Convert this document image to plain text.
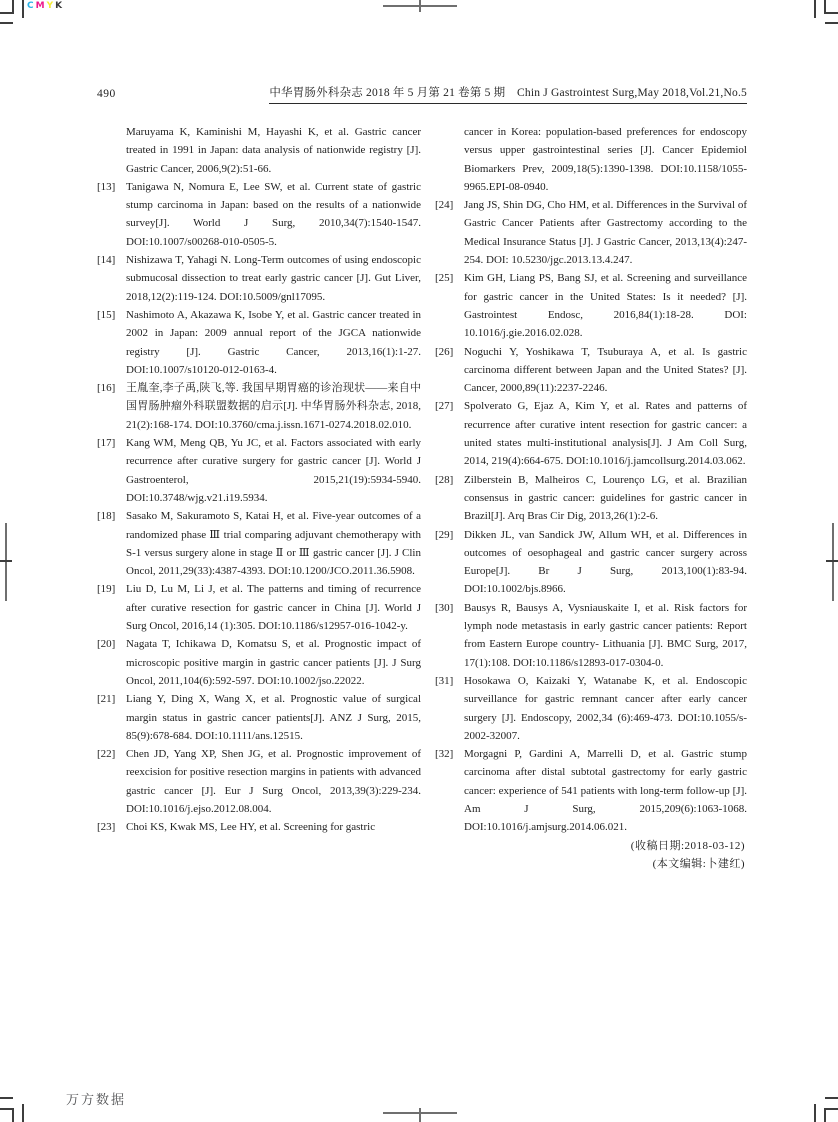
CMYK
490	中华胃肠外科杂志 2018 年 5 月第 21 卷第 5 期　Chin J Gastrointest Surg,May 2018,Vol.21,No.5
Maruyama K, Kaminishi M, Hayashi K, et al. Gastric cancer treated in 1991 in Japan: data analysis of nationwide registry [J]. Gastric Cancer, 2006,9(2):51-66.
[13] Tanigawa N, Nomura E, Lee SW, et al. Current state of gastric stump carcinoma in Japan: based on the results of a nationwide survey[J]. World J Surg, 2010,34(7):1540-1547. DOI:10.1007/s00268-010-0505-5.
[14] Nishizawa T, Yahagi N. Long-Term outcomes of using endoscopic submucosal dissection to treat early gastric cancer [J]. Gut Liver, 2018,12(2):119-124. DOI:10.5009/gnl17095.
[15] Nashimoto A, Akazawa K, Isobe Y, et al. Gastric cancer treated in 2002 in Japan: 2009 annual report of the JGCA nationwide registry [J]. Gastric Cancer, 2013,16(1):1-27. DOI:10.1007/s10120-012-0163-4.
[16] 王胤奎,李子禹,陕飞,等. 我国早期胃癌的诊治现状——来自中国胃肠肿瘤外科联盟数据的启示[J]. 中华胃肠外科杂志, 2018, 21(2):168-174. DOI:10.3760/cma.j.issn.1671-0274.2018.02.010.
[17] Kang WM, Meng QB, Yu JC, et al. Factors associated with early recurrence after curative surgery for gastric cancer [J]. World J Gastroenterol, 2015,21(19):5934-5940. DOI:10.3748/wjg.v21.i19.5934.
[18] Sasako M, Sakuramoto S, Katai H, et al. Five-year outcomes of a randomized phase Ⅲ trial comparing adjuvant chemotherapy with S-1 versus surgery alone in stage Ⅱ or Ⅲ gastric cancer [J]. J Clin Oncol, 2011,29(33):4387-4393. DOI:10.1200/JCO.2011.36.5908.
[19] Liu D, Lu M, Li J, et al. The patterns and timing of recurrence after curative resection for gastric cancer in China [J]. World J Surg Oncol, 2016,14 (1):305. DOI:10.1186/s12957-016-1042-y.
[20] Nagata T, Ichikawa D, Komatsu S, et al. Prognostic impact of microscopic positive margin in gastric cancer patients [J]. J Surg Oncol, 2011,104(6):592-597. DOI:10.1002/jso.22022.
[21] Liang Y, Ding X, Wang X, et al. Prognostic value of surgical margin status in gastric cancer patients[J]. ANZ J Surg, 2015, 85(9):678-684. DOI:10.1111/ans.12515.
[22] Chen JD, Yang XP, Shen JG, et al. Prognostic improvement of reexcision for positive resection margins in patients with advanced gastric cancer [J]. Eur J Surg Oncol, 2013,39(3):229-234. DOI:10.1016/j.ejso.2012.08.004.
[23] Choi KS, Kwak MS, Lee HY, et al. Screening for gastric
cancer in Korea: population-based preferences for endoscopy versus upper gastrointestinal series [J]. Cancer Epidemiol Biomarkers Prev, 2009,18(5):1390-1398. DOI:10.1158/1055-9965.EPI-08-0940.
[24] Jang JS, Shin DG, Cho HM, et al. Differences in the Survival of Gastric Cancer Patients after Gastrectomy according to the Medical Insurance Status [J]. J Gastric Cancer, 2013,13(4):247-254. DOI: 10.5230/jgc.2013.13.4.247.
[25] Kim GH, Liang PS, Bang SJ, et al. Screening and surveillance for gastric cancer in the United States: Is it needed? [J]. Gastrointest Endosc, 2016,84(1):18-28. DOI: 10.1016/j.gie.2016.02.028.
[26] Noguchi Y, Yoshikawa T, Tsuburaya A, et al. Is gastric carcinoma different between Japan and the United States? [J]. Cancer, 2000,89(11):2237-2246.
[27] Spolverato G, Ejaz A, Kim Y, et al. Rates and patterns of recurrence after curative intent resection for gastric cancer: a united states multi-institutional analysis[J]. J Am Coll Surg, 2014, 219(4):664-675. DOI:10.1016/j.jamcollsurg.2014.03.062.
[28] Zilberstein B, Malheiros C, Lourenço LG, et al. Brazilian consensus in gastric cancer: guidelines for gastric cancer in Brazil[J]. Arq Bras Cir Dig, 2013,26(1):2-6.
[29] Dikken JL, van Sandick JW, Allum WH, et al. Differences in outcomes of oesophageal and gastric cancer surgery across Europe[J]. Br J Surg, 2013,100(1):83-94. DOI:10.1002/bjs.8966.
[30] Bausys R, Bausys A, Vysniauskaite I, et al. Risk factors for lymph node metastasis in early gastric cancer patients: Report from Eastern Europe country- Lithuania [J]. BMC Surg, 2017, 17(1):108. DOI:10.1186/s12893-017-0304-0.
[31] Hosokawa O, Kaizaki Y, Watanabe K, et al. Endoscopic surveillance for gastric remnant cancer after early cancer surgery [J]. Endoscopy, 2002,34 (6):469-473. DOI:10.1055/s-2002-32007.
[32] Morgagni P, Gardini A, Marrelli D, et al. Gastric stump carcinoma after distal subtotal gastrectomy for early gastric cancer: experience of 541 patients with long-term follow-up [J]. Am J Surg, 2015,209(6):1063-1068. DOI:10.1016/j.amjsurg.2014.06.021.
(收稿日期:2018-03-12)
(本文编辑:卜建红)
万方数据
